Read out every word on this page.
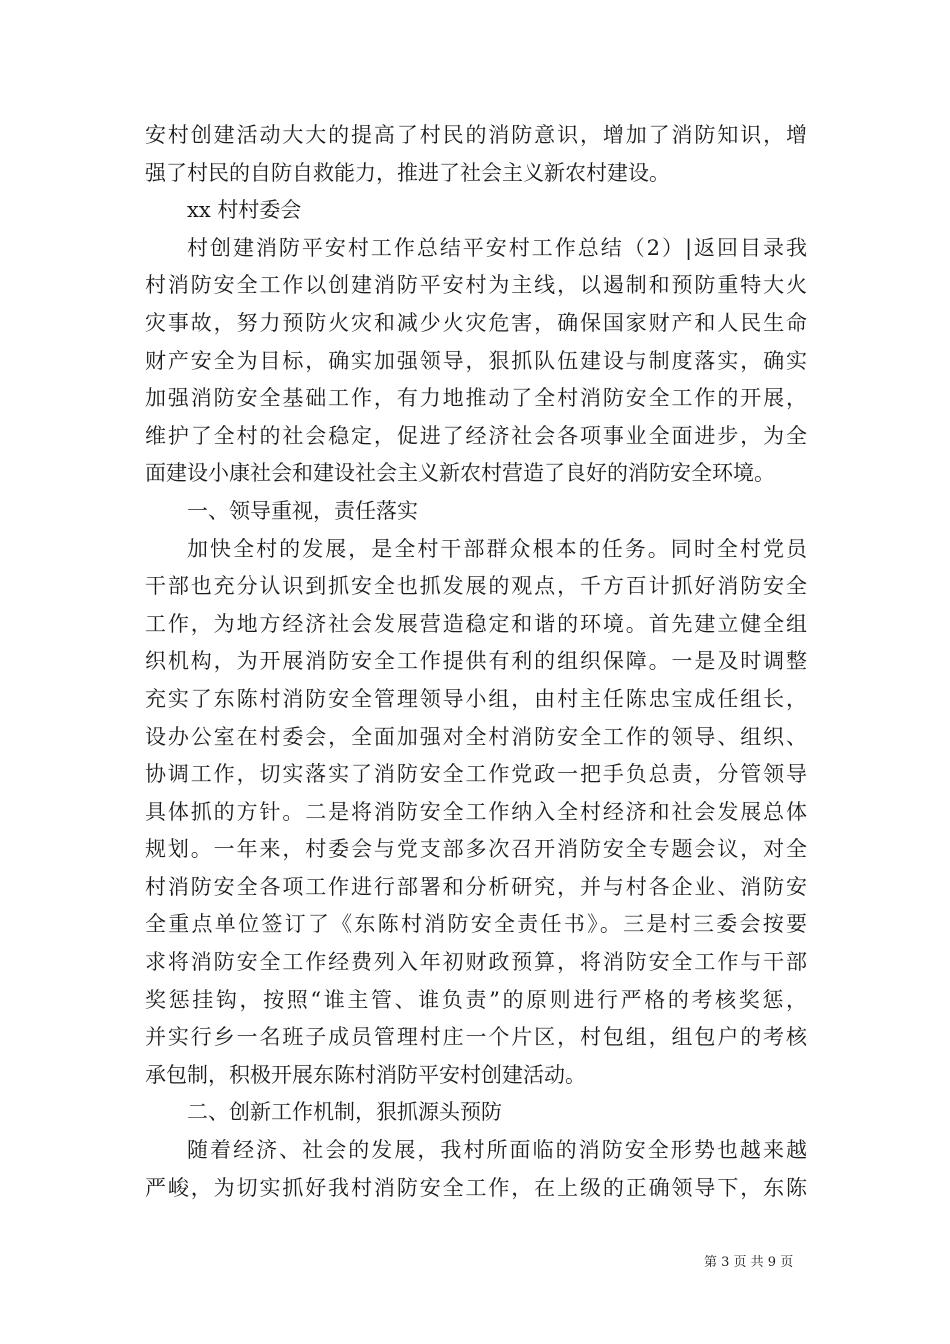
安村创建活动大大的提高了村民的消防意识，增加了消防知识，增
强了村民的自防自救能力，推进了社会主义新农村建设。
xx 村村委会
村创建消防平安村工作总结平安村工作总结（2）|返回目录我
村消防安全工作以创建消防平安村为主线，以遏制和预防重特大火
灾事故，努力预防火灾和减少火灾危害，确保国家财产和人民生命
财产安全为目标，确实加强领导，狠抓队伍建设与制度落实，确实
加强消防安全基础工作，有力地推动了全村消防安全工作的开展，
维护了全村的社会稳定，促进了经济社会各项事业全面进步，为全
面建设小康社会和建设社会主义新农村营造了良好的消防安全环境。
一、领导重视，责任落实
加快全村的发展，是全村干部群众根本的任务。同时全村党员
干部也充分认识到抓安全也抓发展的观点，千方百计抓好消防安全
工作，为地方经济社会发展营造稳定和谐的环境。首先建立健全组
织机构，为开展消防安全工作提供有利的组织保障。一是及时调整
充实了东陈村消防安全管理领导小组，由村主任陈忠宝成任组长，
设办公室在村委会，全面加强对全村消防安全工作的领导、组织、
协调工作，切实落实了消防安全工作党政一把手负总责，分管领导
具体抓的方针。二是将消防安全工作纳入全村经济和社会发展总体
规划。一年来，村委会与党支部多次召开消防安全专题会议，对全
村消防安全各项工作进行部署和分析研究，并与村各企业、消防安
全重点单位签订了《东陈村消防安全责任书》。三是村三委会按要
求将消防安全工作经费列入年初财政预算，将消防安全工作与干部
奖惩挂钩，按照“谁主管、谁负责”的原则进行严格的考核奖惩，
并实行乡一名班子成员管理村庄一个片区，村包组，组包户的考核
承包制，积极开展东陈村消防平安村创建活动。
二、创新工作机制，狠抓源头预防
随着经济、社会的发展，我村所面临的消防安全形势也越来越
严峻，为切实抓好我村消防安全工作，在上级的正确领导下，东陈
第 3 页 共 9 页
